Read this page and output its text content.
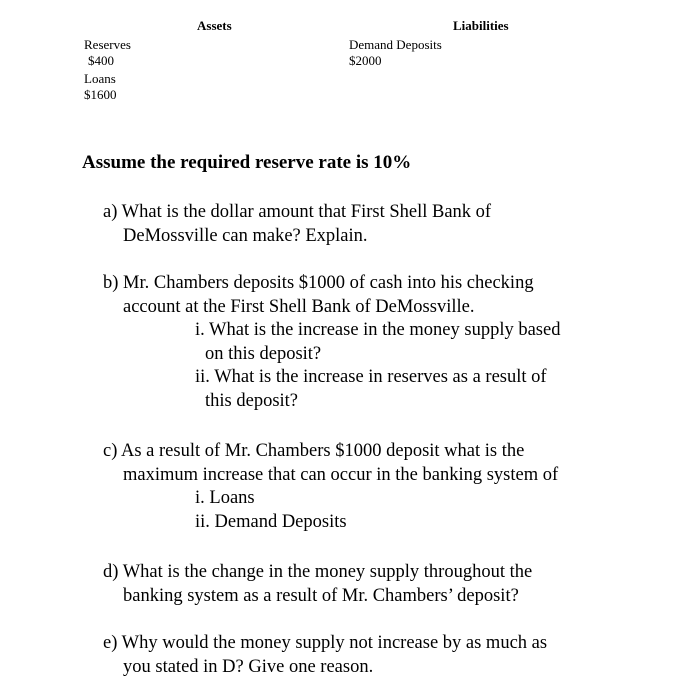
Assets	Liabilities
Reserves
$400
Loans
$1600
Demand Deposits
$2000
Assume the required reserve rate is 10%
a) What is the dollar amount that First Shell Bank of
DeMossville can make? Explain.
b) Mr. Chambers deposits $1000 of cash into his checking
account at the First Shell Bank of DeMossville.
i. What is the increase in the money supply based
on this deposit?
ii. What is the increase in reserves as a result of
this deposit?
c) As a result of Mr. Chambers $1000 deposit what is the
maximum increase that can occur in the banking system of
i. Loans
ii. Demand Deposits
d) What is the change in the money supply throughout the
banking system as a result of Mr. Chambers’ deposit?
e) Why would the money supply not increase by as much as
you stated in D? Give one reason.
